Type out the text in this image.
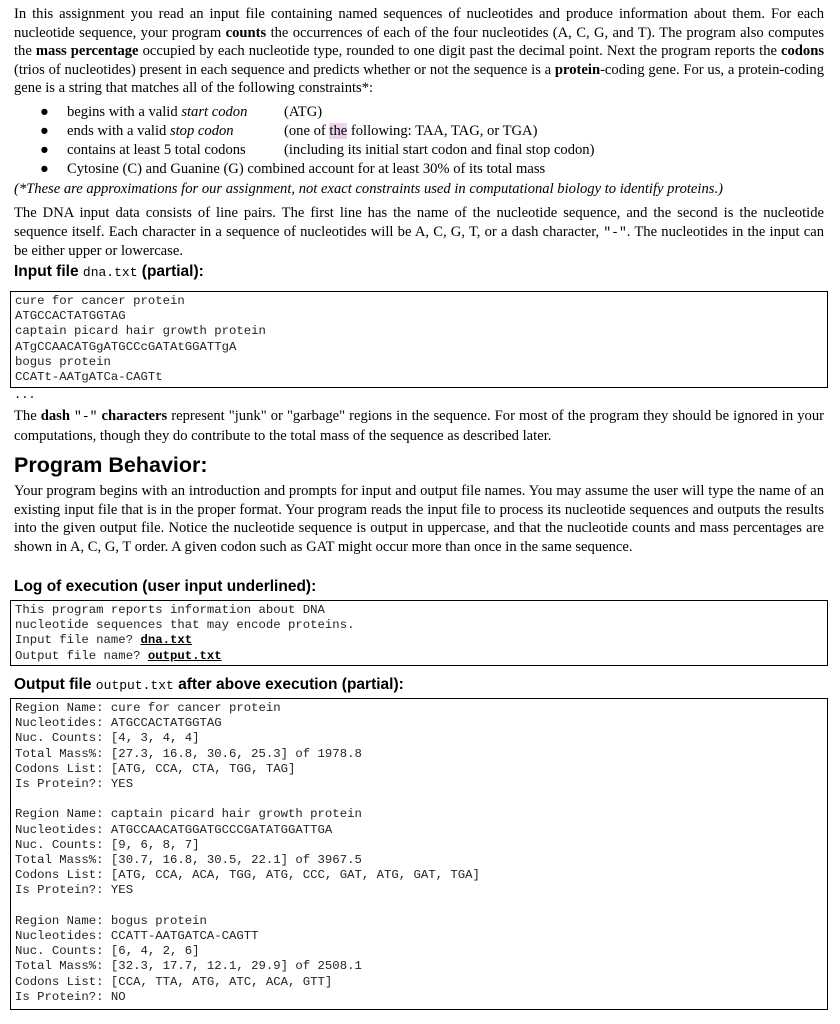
In this assignment you read an input file containing named sequences of nucleotides and produce information about them. For each nucleotide sequence, your program counts the occurrences of each of the four nucleotides (A, C, G, and T). The program also computes the mass percentage occupied by each nucleotide type, rounded to one digit past the decimal point. Next the program reports the codons (trios of nucleotides) present in each sequence and predicts whether or not the sequence is a protein-coding gene. For us, a protein-coding gene is a string that matches all of the following constraints*:

● begins with a valid start codon	(ATG)
● ends with a valid stop codon	(one of the following: TAA, TAG, or TGA)
● contains at least 5 total codons	(including its initial start codon and final stop codon)
● Cytosine (C) and Guanine (G) combined account for at least 30% of its total mass

(*These are approximations for our assignment, not exact constraints used in computational biology to identify proteins.)

The DNA input data consists of line pairs. The first line has the name of the nucleotide sequence, and the second is the nucleotide sequence itself. Each character in a sequence of nucleotides will be A, C, G, T, or a dash character, "-". The nucleotides in the input can be either upper or lowercase.

Input file dna.txt (partial):

cure for cancer protein
ATGCCACTATGGTAG
captain picard hair growth protein
ATgCCAACATGgATGCCcGATAtGGATTgA
bogus protein
CCATt-AATgATCa-CAGTt
...

The dash "-" characters represent "junk" or "garbage" regions in the sequence. For most of the program they should be ignored in your computations, though they do contribute to the total mass of the sequence as described later.

Program Behavior:

Your program begins with an introduction and prompts for input and output file names. You may assume the user will type the name of an existing input file that is in the proper format. Your program reads the input file to process its nucleotide sequences and outputs the results into the given output file. Notice the nucleotide sequence is output in uppercase, and that the nucleotide counts and mass percentages are shown in A, C, G, T order. A given codon such as GAT might occur more than once in the same sequence.

Log of execution (user input underlined):

This program reports information about DNA
nucleotide sequences that may encode proteins.
Input file name? dna.txt
Output file name? output.txt

Output file output.txt after above execution (partial):

Region Name: cure for cancer protein
Nucleotides: ATGCCACTATGGTAG
Nuc. Counts: [4, 3, 4, 4]
Total Mass%: [27.3, 16.8, 30.6, 25.3] of 1978.8
Codons List: [ATG, CCA, CTA, TGG, TAG]
Is Protein?: YES
Region Name: captain picard hair growth protein
Nucleotides: ATGCCAACATGGATGCCCGATATGGATTGA
Nuc. Counts: [9, 6, 8, 7]
Total Mass%: [30.7, 16.8, 30.5, 22.1] of 3967.5
Codons List: [ATG, CCA, ACA, TGG, ATG, CCC, GAT, ATG, GAT, TGA]
Is Protein?: YES
Region Name: bogus protein
Nucleotides: CCATT-AATGATCA-CAGTT
Nuc. Counts: [6, 4, 2, 6]
Total Mass%: [32.3, 17.7, 12.1, 29.9] of 2508.1
Codons List: [CCA, TTA, ATG, ATC, ACA, GTT]
Is Protein?: NO
